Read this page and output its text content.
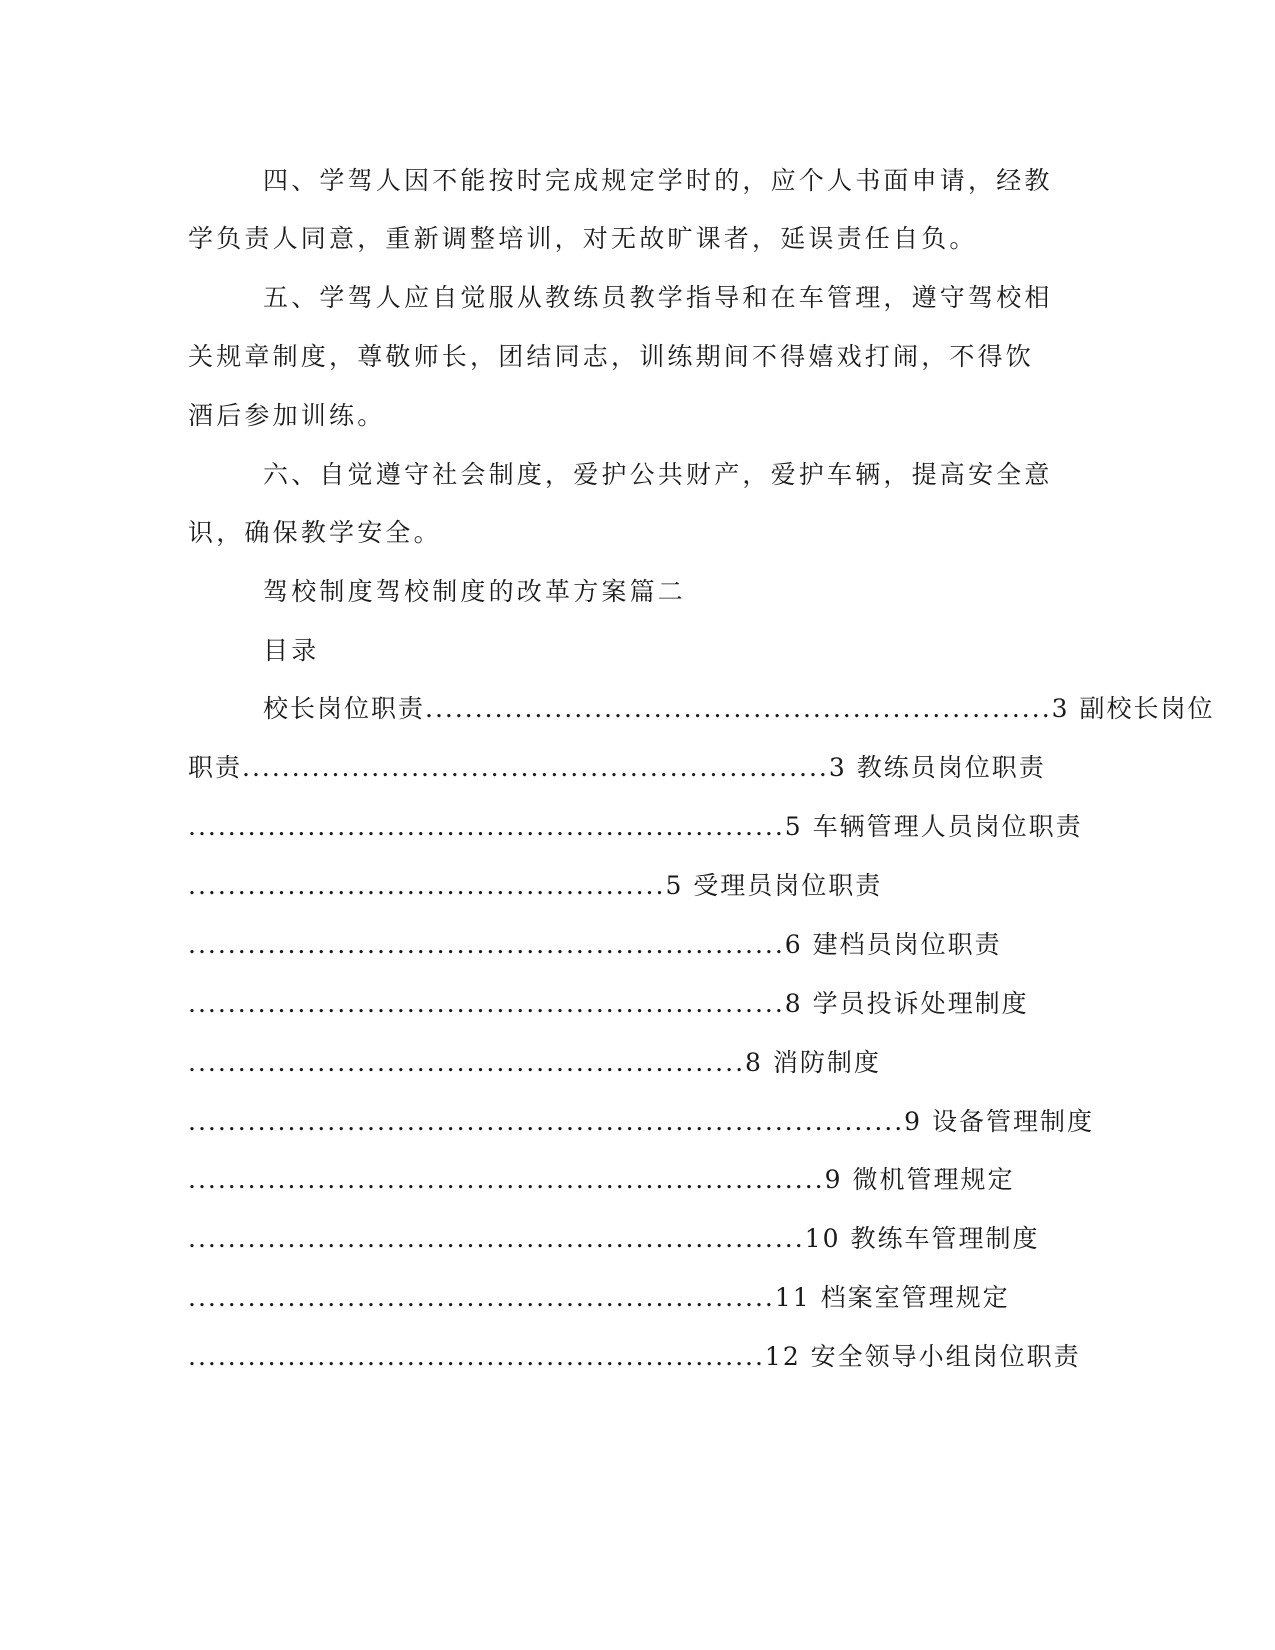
四、学驾人因不能按时完成规定学时的，应个人书面申请，经教
学负责人同意，重新调整培训，对无故旷课者，延误责任自负。
五、学驾人应自觉服从教练员教学指导和在车管理，遵守驾校相
关规章制度，尊敬师长，团结同志，训练期间不得嬉戏打闹，不得饮
酒后参加训练。
六、自觉遵守社会制度，爱护公共财产，爱护车辆，提高安全意
识，确保教学安全。
驾校制度驾校制度的改革方案篇二
目录
校长岗位职责...............................................................3 副校长岗位
职责...........................................................3 教练员岗位职责
............................................................5 车辆管理人员岗位职责
................................................5 受理员岗位职责
............................................................6 建档员岗位职责
............................................................8 学员投诉处理制度
........................................................8 消防制度
........................................................................9 设备管理制度
................................................................9 微机管理规定
..............................................................10 教练车管理制度
...........................................................11 档案室管理规定
..........................................................12 安全领导小组岗位职责
